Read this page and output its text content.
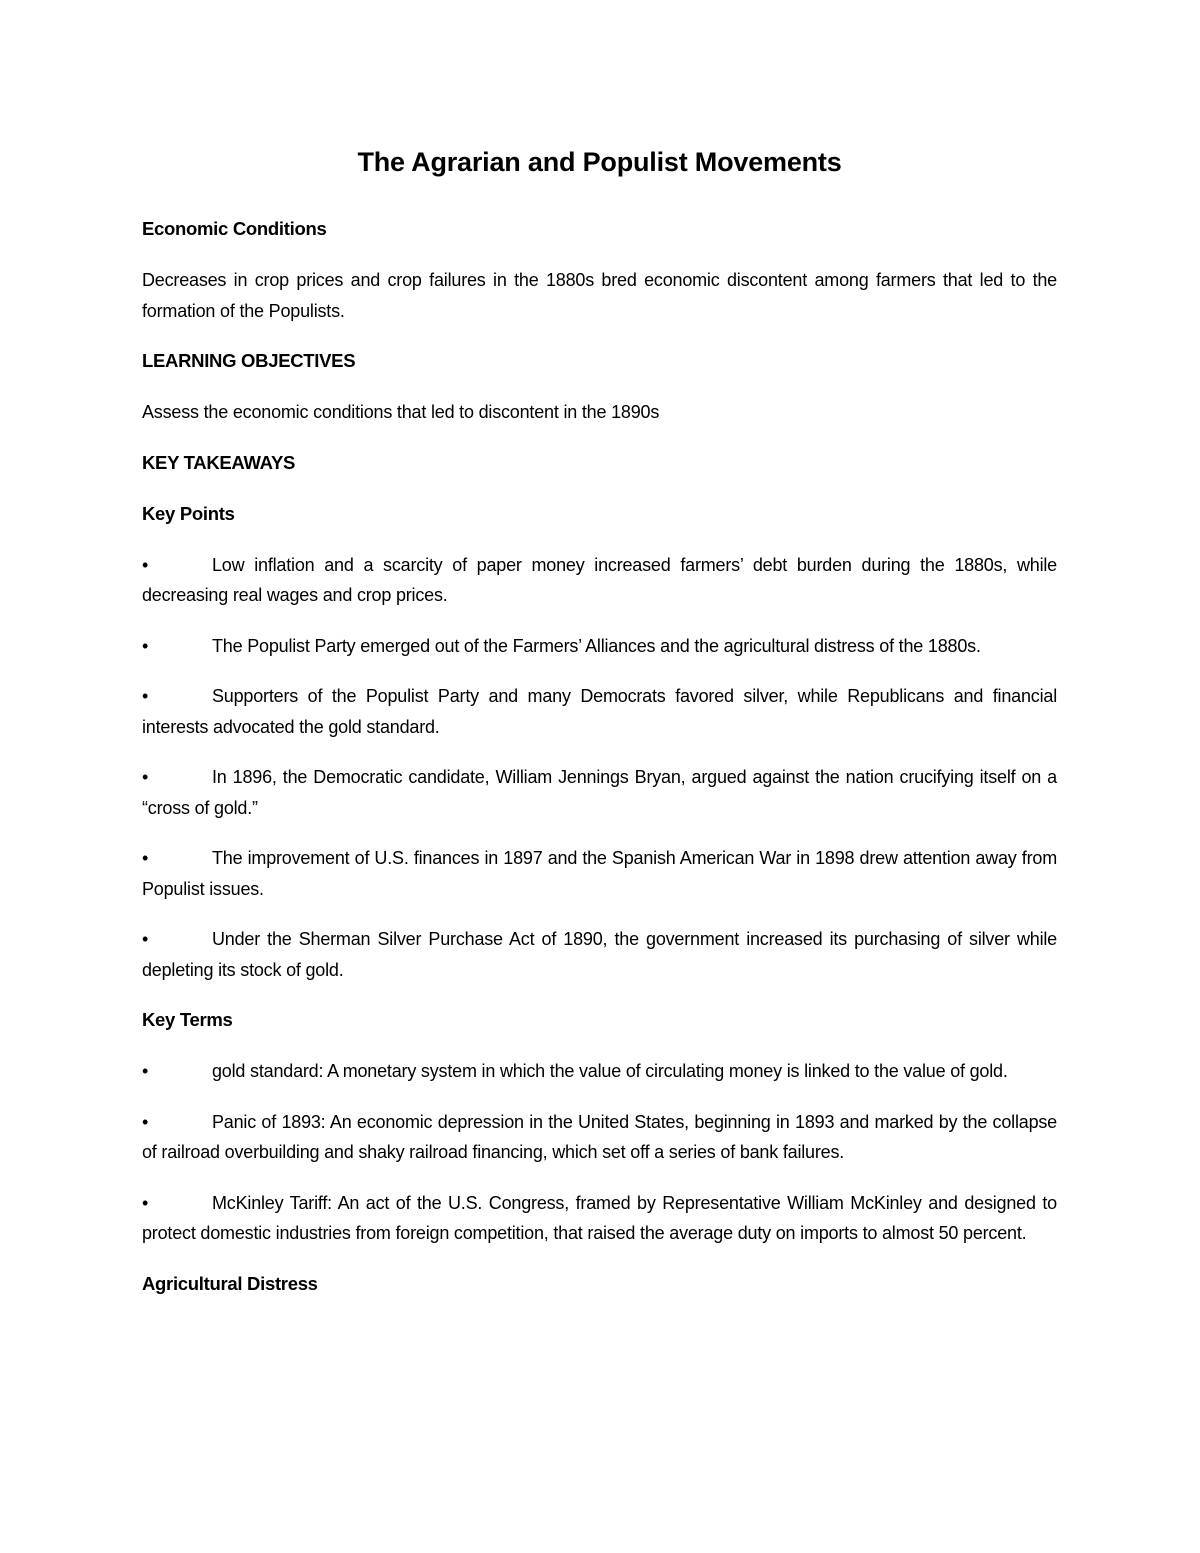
The Agrarian and Populist Movements
Economic Conditions
Decreases in crop prices and crop failures in the 1880s bred economic discontent among farmers that led to the formation of the Populists.
LEARNING OBJECTIVES
Assess the economic conditions that led to discontent in the 1890s
KEY TAKEAWAYS
Key Points
•	Low inflation and a scarcity of paper money increased farmers’ debt burden during the 1880s, while decreasing real wages and crop prices.
•	The Populist Party emerged out of the Farmers’ Alliances and the agricultural distress of the 1880s.
•	Supporters of the Populist Party and many Democrats favored silver, while Republicans and financial interests advocated the gold standard.
•	In 1896, the Democratic candidate, William Jennings Bryan, argued against the nation crucifying itself on a “cross of gold.”
•	The improvement of U.S. finances in 1897 and the Spanish American War in 1898 drew attention away from Populist issues.
•	Under the Sherman Silver Purchase Act of 1890, the government increased its purchasing of silver while depleting its stock of gold.
Key Terms
•	gold standard: A monetary system in which the value of circulating money is linked to the value of gold.
•	Panic of 1893: An economic depression in the United States, beginning in 1893 and marked by the collapse of railroad overbuilding and shaky railroad financing, which set off a series of bank failures.
•	McKinley Tariff: An act of the U.S. Congress, framed by Representative William McKinley and designed to protect domestic industries from foreign competition, that raised the average duty on imports to almost 50 percent.
Agricultural Distress
